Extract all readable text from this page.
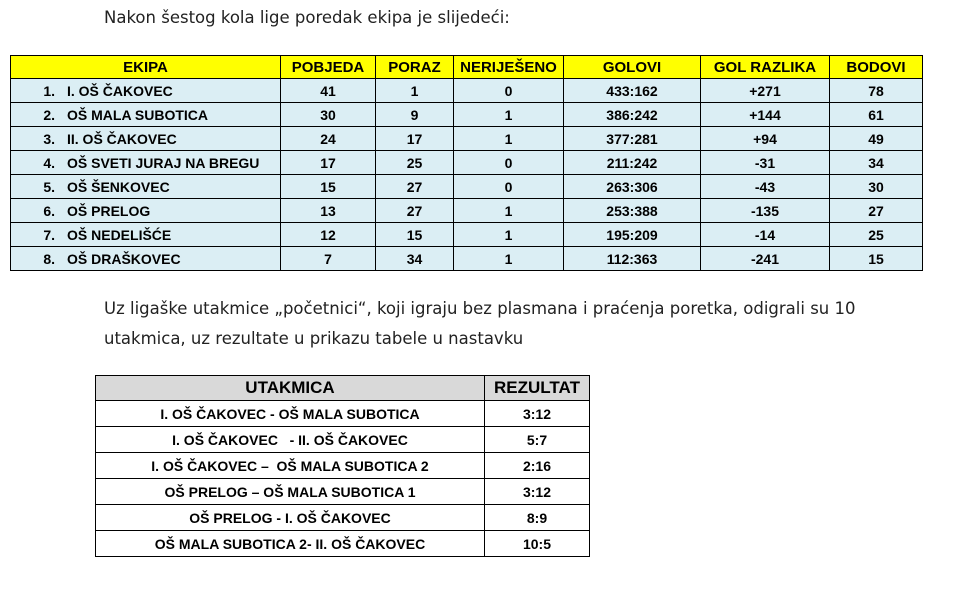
Nakon šestog kola lige poredak ekipa je slijedeći:

EKIPA	POBJEDA	PORAZ	NERIJEŠENO	GOLOVI	GOL RAZLIKA	BODOVI
1. I. OŠ ČAKOVEC	41	1	0	433:162	+271	78
2. OŠ MALA SUBOTICA	30	9	1	386:242	+144	61
3. II. OŠ ČAKOVEC	24	17	1	377:281	+94	49
4. OŠ SVETI JURAJ NA BREGU	17	25	0	211:242	-31	34
5. OŠ ŠENKOVEC	15	27	0	263:306	-43	30
6. OŠ PRELOG	13	27	1	253:388	-135	27
7. OŠ NEDELIŠĆE	12	15	1	195:209	-14	25
8. OŠ DRAŠKOVEC	7	34	1	112:363	-241	15

Uz ligaške utakmice „početnici“, koji igraju bez plasmana i praćenja poretka, odigrali su 10 utakmica, uz rezultate u prikazu tabele u nastavku

UTAKMICA	REZULTAT
I. OŠ ČAKOVEC - OŠ MALA SUBOTICA	3:12
I. OŠ ČAKOVEC   - II. OŠ ČAKOVEC	5:7
I. OŠ ČAKOVEC –  OŠ MALA SUBOTICA 2	2:16
OŠ PRELOG – OŠ MALA SUBOTICA 1	3:12
OŠ PRELOG - I. OŠ ČAKOVEC	8:9
OŠ MALA SUBOTICA 2- II. OŠ ČAKOVEC	10:5
